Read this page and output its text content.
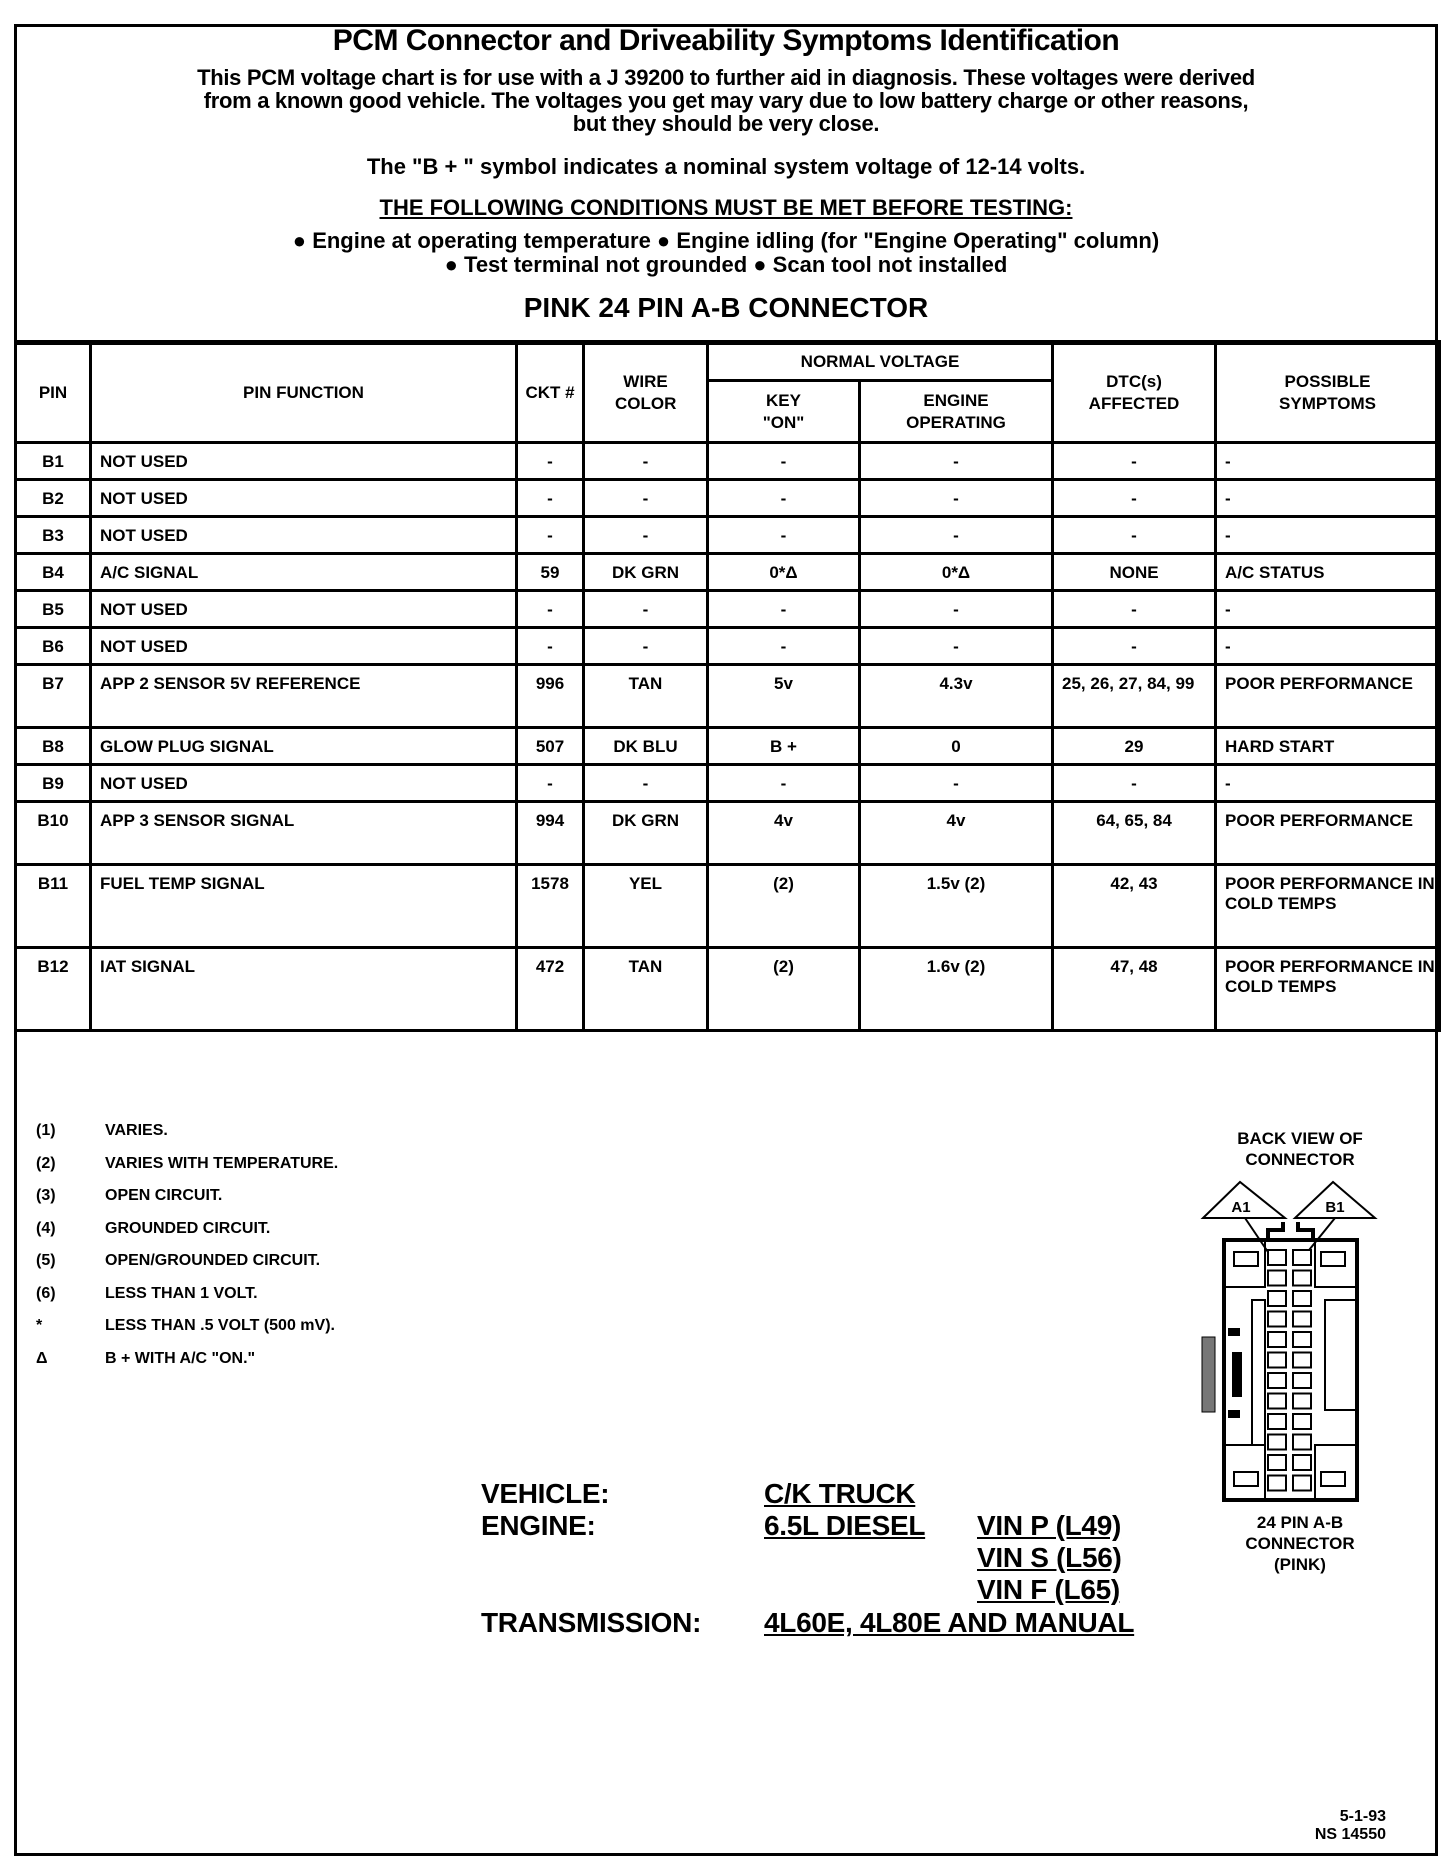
PCM Connector and Driveability Symptoms Identification
This PCM voltage chart is for use with a J 39200 to further aid in diagnosis. These voltages were derived
from a known good vehicle. The voltages you get may vary due to low battery charge or other reasons,
but they should be very close.
The "B + " symbol indicates a nominal system voltage of 12-14 volts.
THE FOLLOWING CONDITIONS MUST BE MET BEFORE TESTING:
● Engine at operating temperature ● Engine idling (for "Engine Operating" column)
● Test terminal not grounded ● Scan tool not installed
PINK 24 PIN A-B CONNECTOR
PIN	PIN FUNCTION	CKT #	WIRE COLOR	NORMAL VOLTAGE		DTC(s) AFFECTED	POSSIBLE SYMPTOMS
				KEY "ON"	ENGINE OPERATING		
B1	NOT USED	-	-	-	-	-	-
B2	NOT USED	-	-	-	-	-	-
B3	NOT USED	-	-	-	-	-	-
B4	A/C SIGNAL	59	DK GRN	0*Δ	0*Δ	NONE	A/C STATUS
B5	NOT USED	-	-	-	-	-	-
B6	NOT USED	-	-	-	-	-	-
B7	APP 2 SENSOR 5V REFERENCE	996	TAN	5v	4.3v	25, 26, 27, 84, 99	POOR PERFORMANCE
B8	GLOW PLUG SIGNAL	507	DK BLU	B +	0	29	HARD START
B9	NOT USED	-	-	-	-	-	-
B10	APP 3 SENSOR SIGNAL	994	DK GRN	4v	4v	64, 65, 84	POOR PERFORMANCE
B11	FUEL TEMP SIGNAL	1578	YEL	(2)	1.5v (2)	42, 43	POOR PERFORMANCE IN COLD TEMPS
B12	IAT SIGNAL	472	TAN	(2)	1.6v (2)	47, 48	POOR PERFORMANCE IN COLD TEMPS
(1)	VARIES.
(2)	VARIES WITH TEMPERATURE.
(3)	OPEN CIRCUIT.
(4)	GROUNDED CIRCUIT.
(5)	OPEN/GROUNDED CIRCUIT.
(6)	LESS THAN 1 VOLT.
*	LESS THAN .5 VOLT (500 mV).
Δ	B + WITH A/C "ON."
VEHICLE:	C/K TRUCK
ENGINE:	6.5L DIESEL VIN P (L49)
VIN S (L56)
VIN F (L65)
TRANSMISSION: 4L60E, 4L80E AND MANUAL
BACK VIEW OF CONNECTOR
A1	B1
24 PIN A-B CONNECTOR (PINK)
5-1-93
NS 14550
